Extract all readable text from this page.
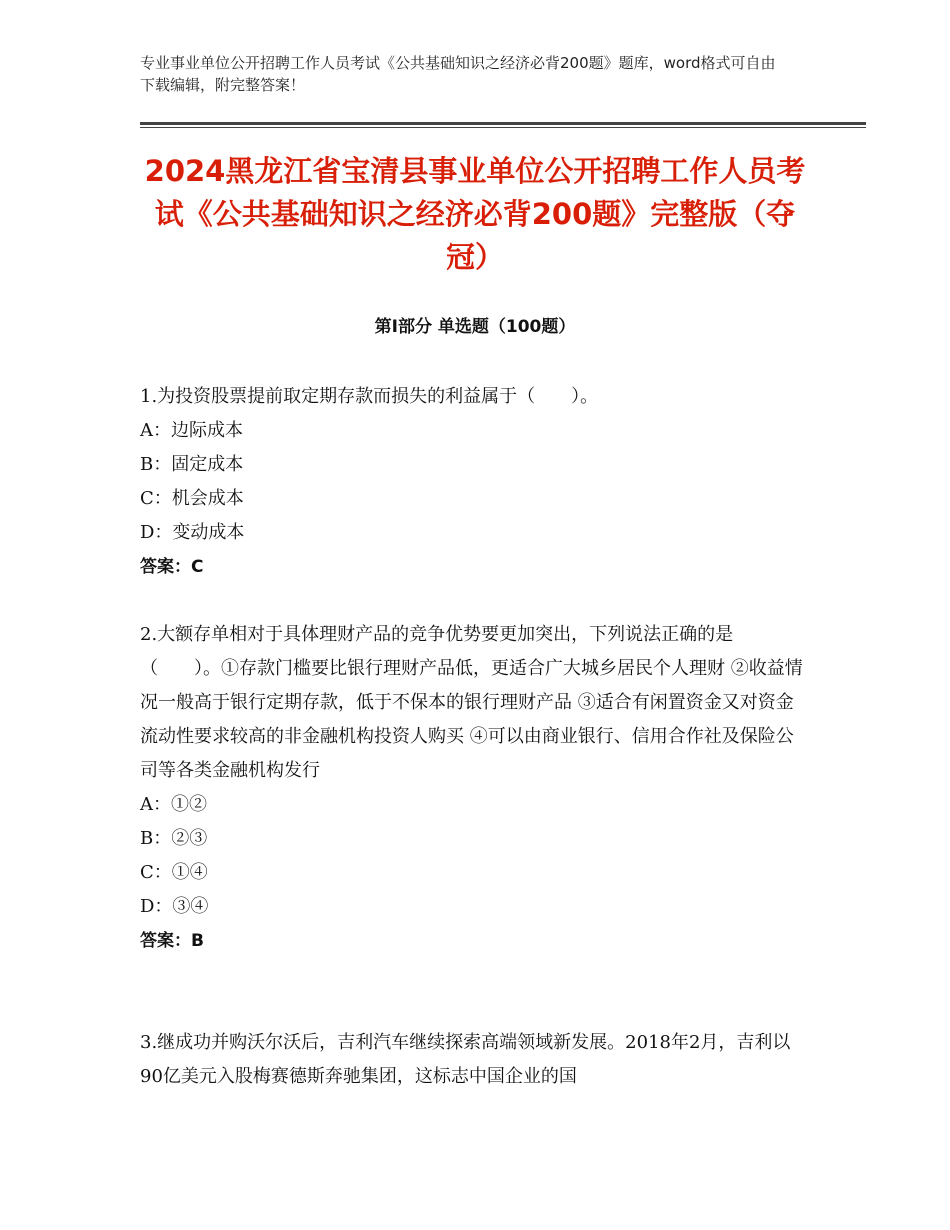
专业事业单位公开招聘工作人员考试《公共基础知识之经济必背200题》题库，word格式可自由下载编辑，附完整答案！
2024黑龙江省宝清县事业单位公开招聘工作人员考试《公共基础知识之经济必背200题》完整版（夺冠）
第Ⅰ部分 单选题（100题）

1.为投资股票提前取定期存款而损失的利益属于（　　）。

A：边际成本

B：固定成本

C：机会成本

D：变动成本

答案：C

2.大额存单相对于具体理财产品的竞争优势要更加突出，下列说法正确的是（　　）。①存款门槛要比银行理财产品低，更适合广大城乡居民个人理财 ②收益情况一般高于银行定期存款，低于不保本的银行理财产品 ③适合有闲置资金又对资金流动性要求较高的非金融机构投资人购买 ④可以由商业银行、信用合作社及保险公司等各类金融机构发行

A：①②

B：②③

C：①④

D：③④

答案：B

3.继成功并购沃尔沃后，吉利汽车继续探索高端领域新发展。2018年2月，吉利以90亿美元入股梅赛德斯奔驰集团，这标志中国企业的国
